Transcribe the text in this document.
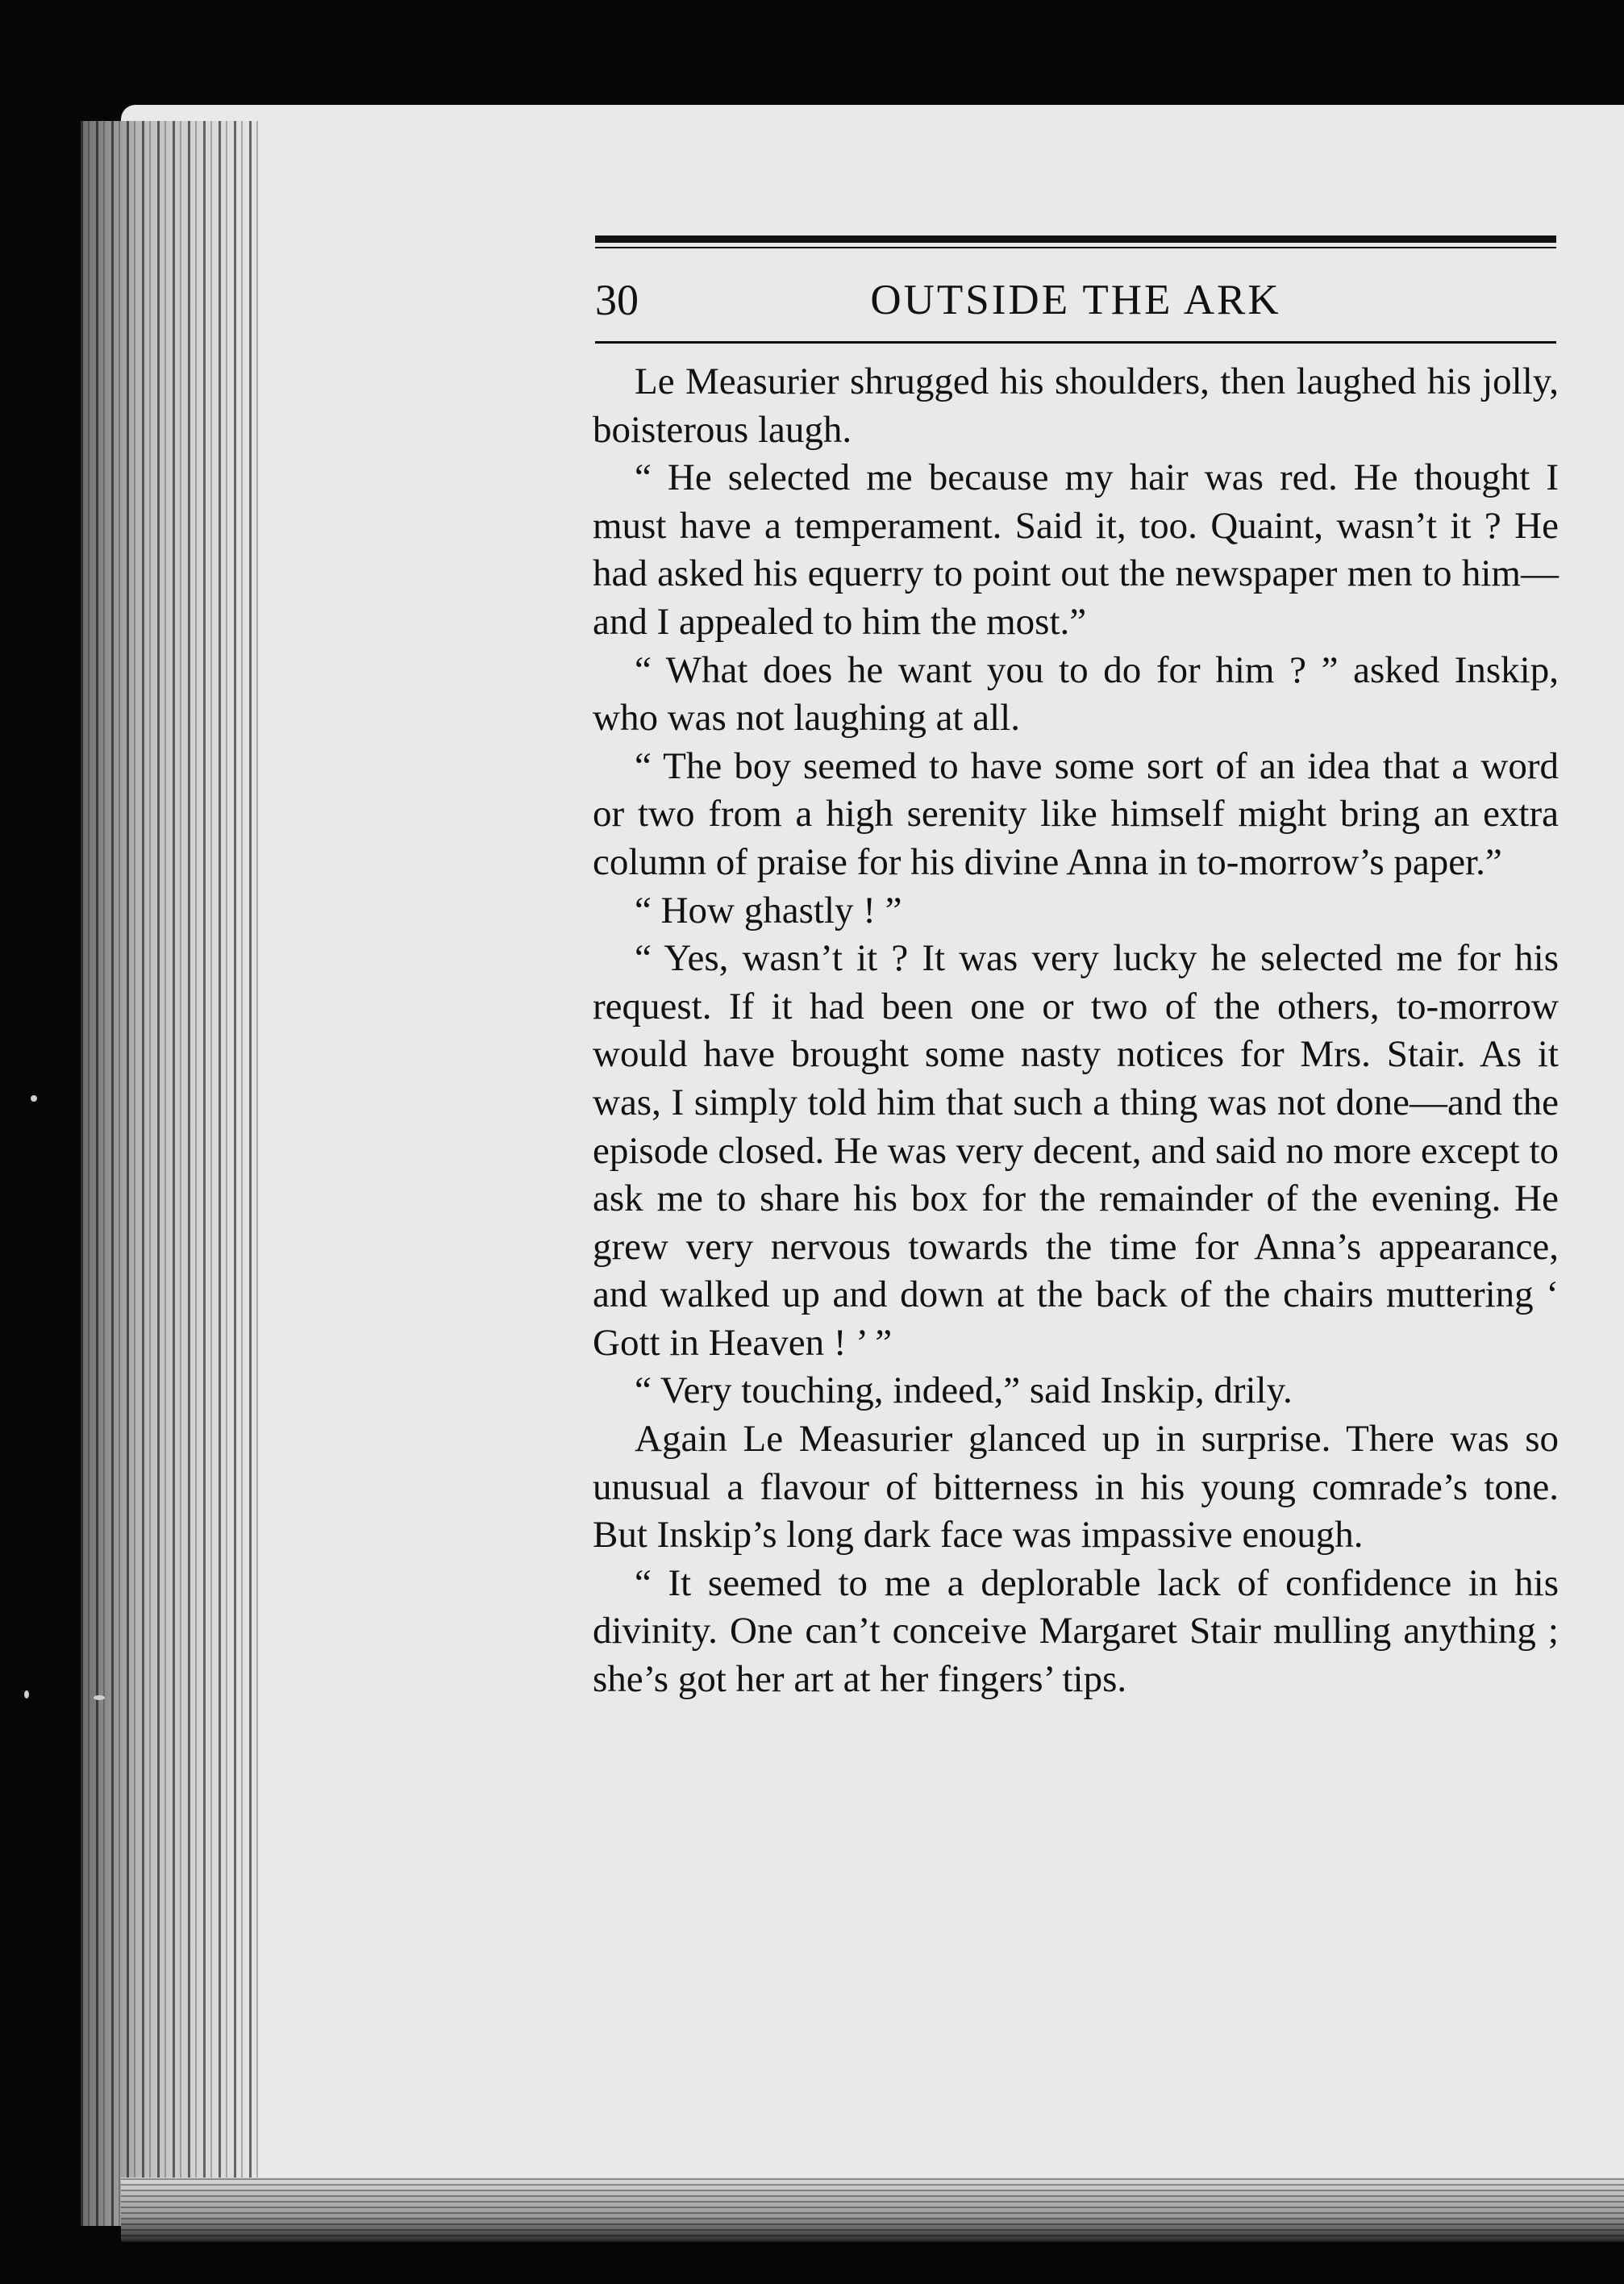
30	OUTSIDE THE ARK

Le Measurier shrugged his shoulders, then laughed his jolly, boisterous laugh.

“ He selected me because my hair was red. He thought I must have a temperament. Said it, too. Quaint, wasn’t it ? He had asked his equerry to point out the newspaper men to him—and I appealed to him the most.”

“ What does he want you to do for him ? ” asked Inskip, who was not laughing at all.

“ The boy seemed to have some sort of an idea that a word or two from a high serenity like himself might bring an extra column of praise for his divine Anna in to-morrow’s paper.”

“ How ghastly ! ”

“ Yes, wasn’t it ? It was very lucky he selected me for his request. If it had been one or two of the others, to-morrow would have brought some nasty notices for Mrs. Stair. As it was, I simply told him that such a thing was not done—and the episode closed. He was very decent, and said no more except to ask me to share his box for the remainder of the evening. He grew very nervous towards the time for Anna’s appearance, and walked up and down at the back of the chairs muttering ‘ Gott in Heaven ! ’ ”

“ Very touching, indeed,” said Inskip, drily.

Again Le Measurier glanced up in surprise. There was so unusual a flavour of bitterness in his young comrade’s tone. But Inskip’s long dark face was impassive enough.

“ It seemed to me a deplorable lack of confidence in his divinity. One can’t conceive Margaret Stair mulling anything ; she’s got her art at her fingers’ tips.
